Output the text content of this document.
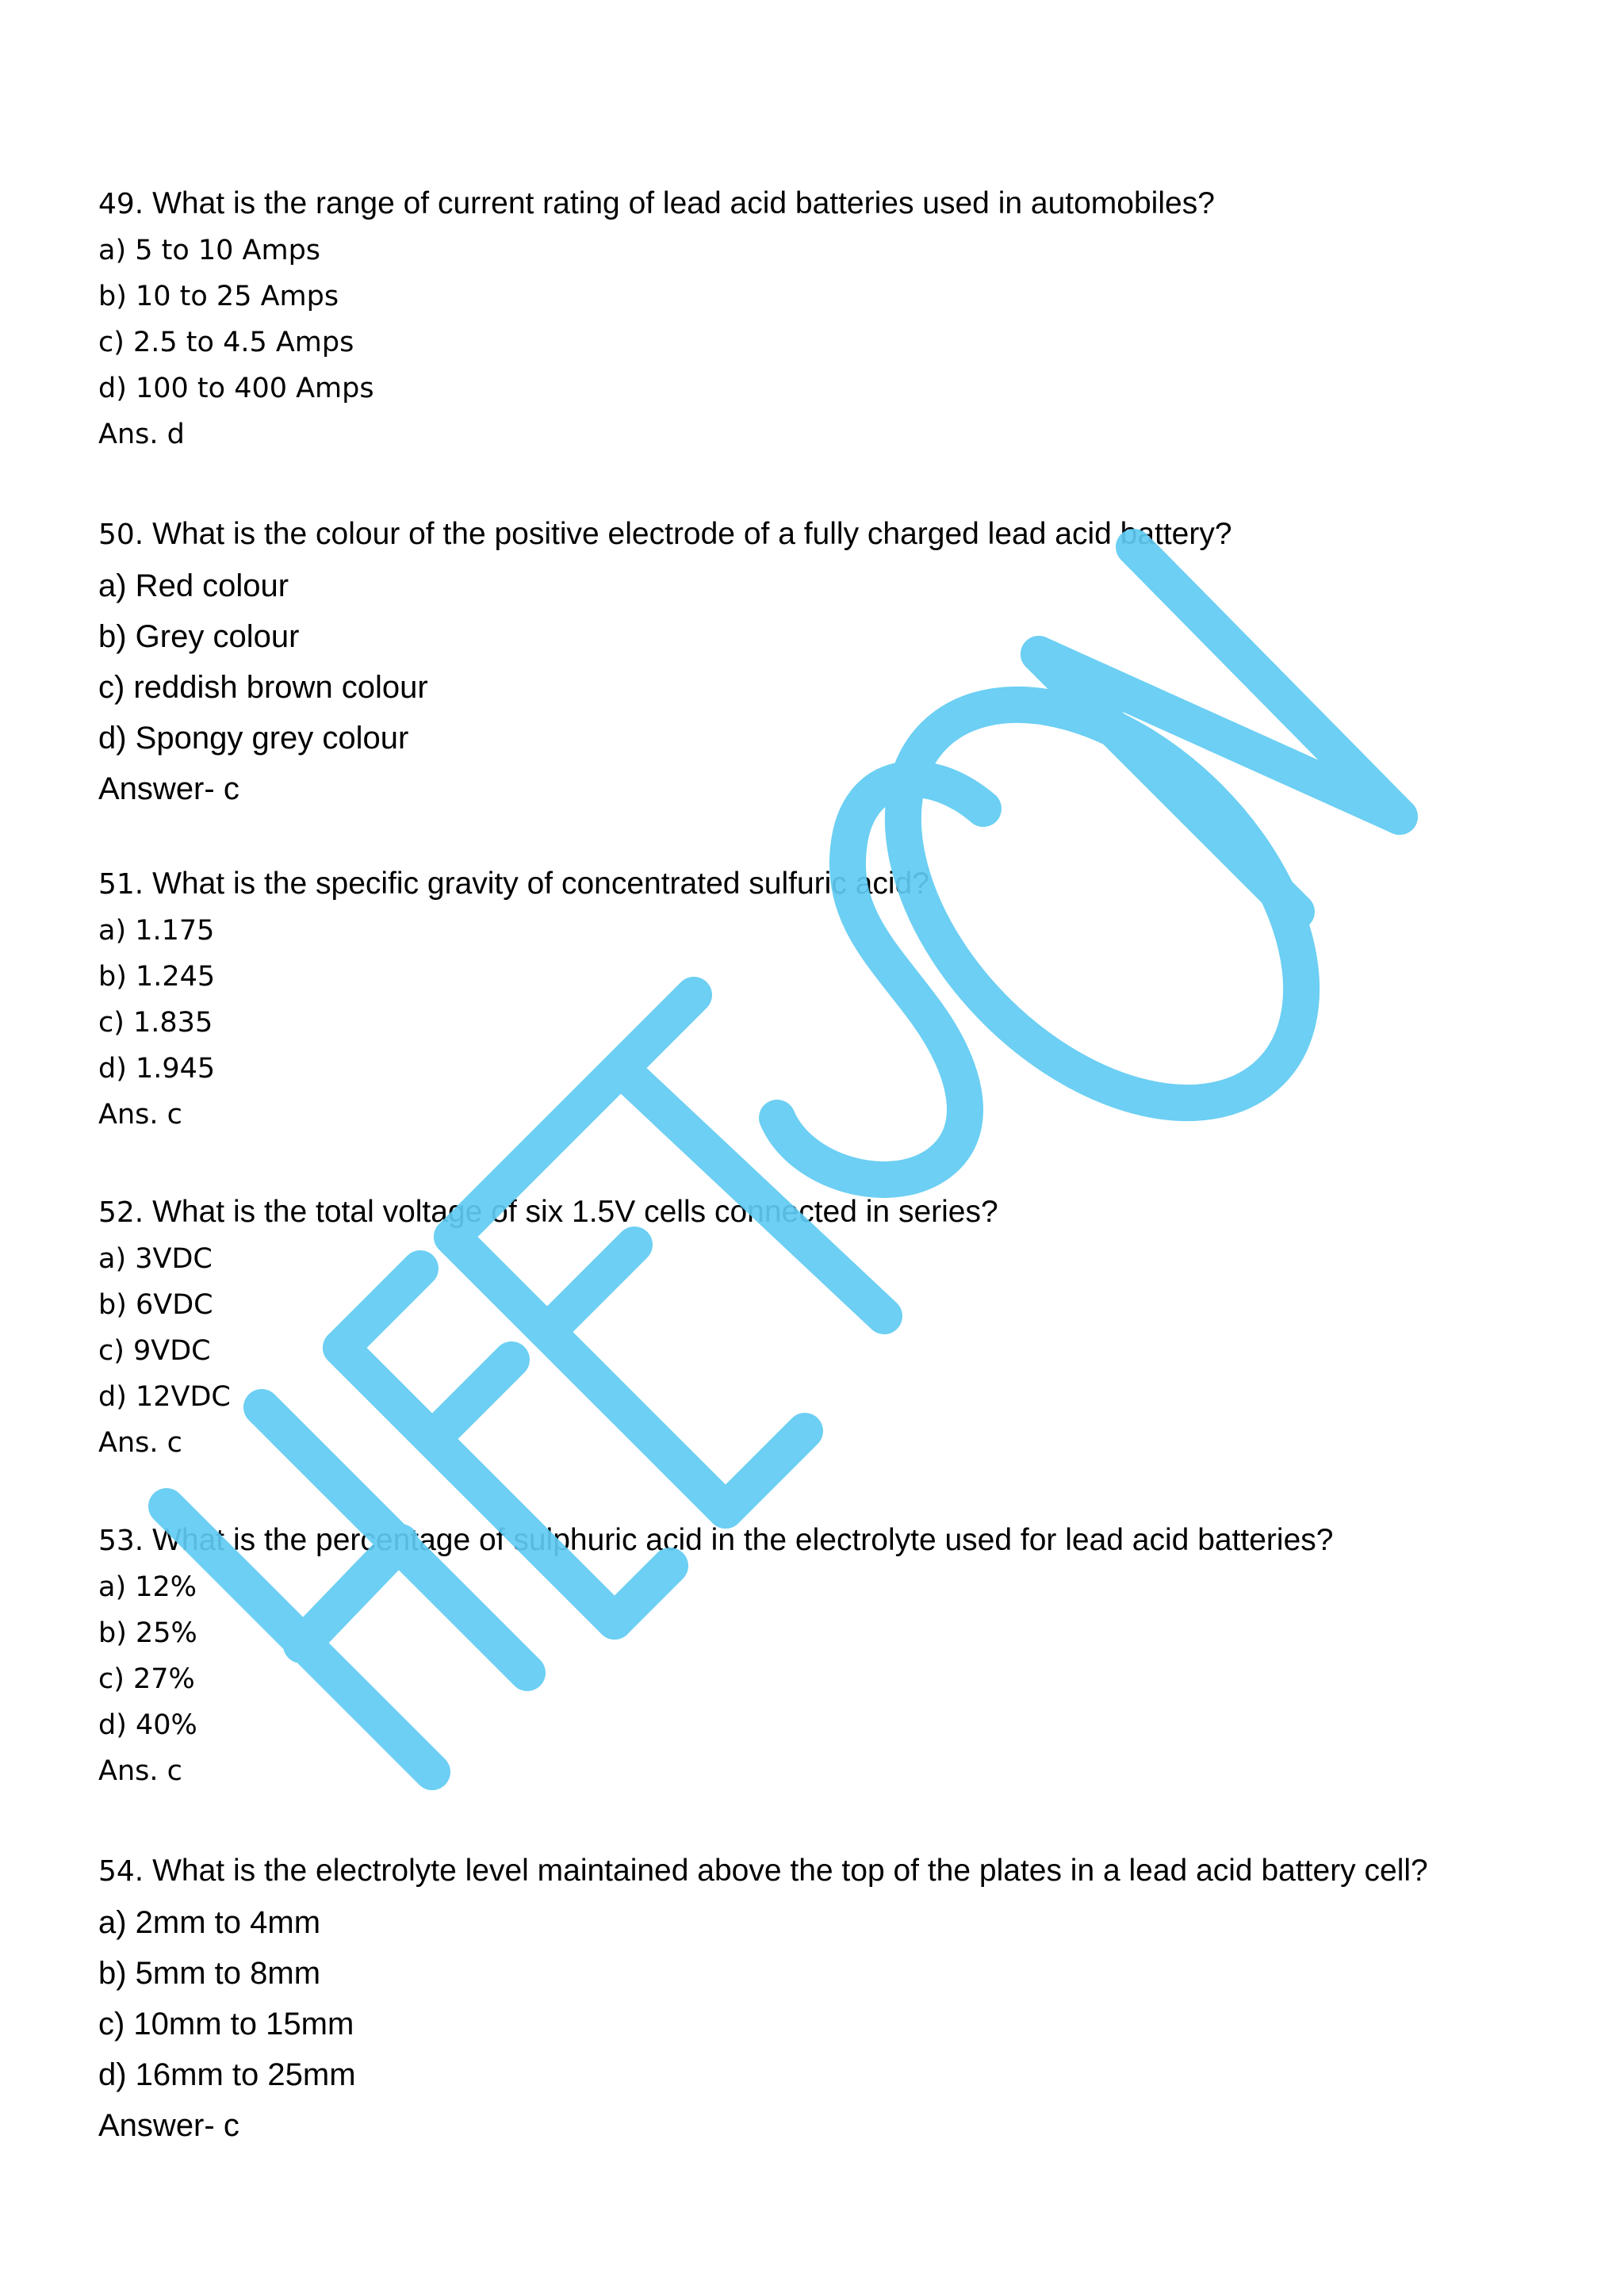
49. What is the range of current rating of lead acid batteries used in automobiles?
a) 5 to 10 Amps
b) 10 to 25 Amps
c) 2.5 to 4.5 Amps
d) 100 to 400 Amps
Ans. d
50. What is the colour of the positive electrode of a fully charged lead acid battery?
a) Red colour
b) Grey colour
c) reddish brown colour
d) Spongy grey colour
Answer- c
51. What is the specific gravity of concentrated sulfuric acid?
a) 1.175
b) 1.245
c) 1.835
d) 1.945
Ans. c
52. What is the total voltage of six 1.5V cells connected in series?
a) 3VDC
b) 6VDC
c) 9VDC
d) 12VDC
Ans. c
53. What is the percentage of sulphuric acid in the electrolyte used for lead acid batteries?
a) 12%
b) 25%
c) 27%
d) 40%
Ans. c
54. What is the electrolyte level maintained above the top of the plates in a lead acid battery cell?
a) 2mm to 4mm
b) 5mm to 8mm
c) 10mm to 15mm
d) 16mm to 25mm
Answer- c
